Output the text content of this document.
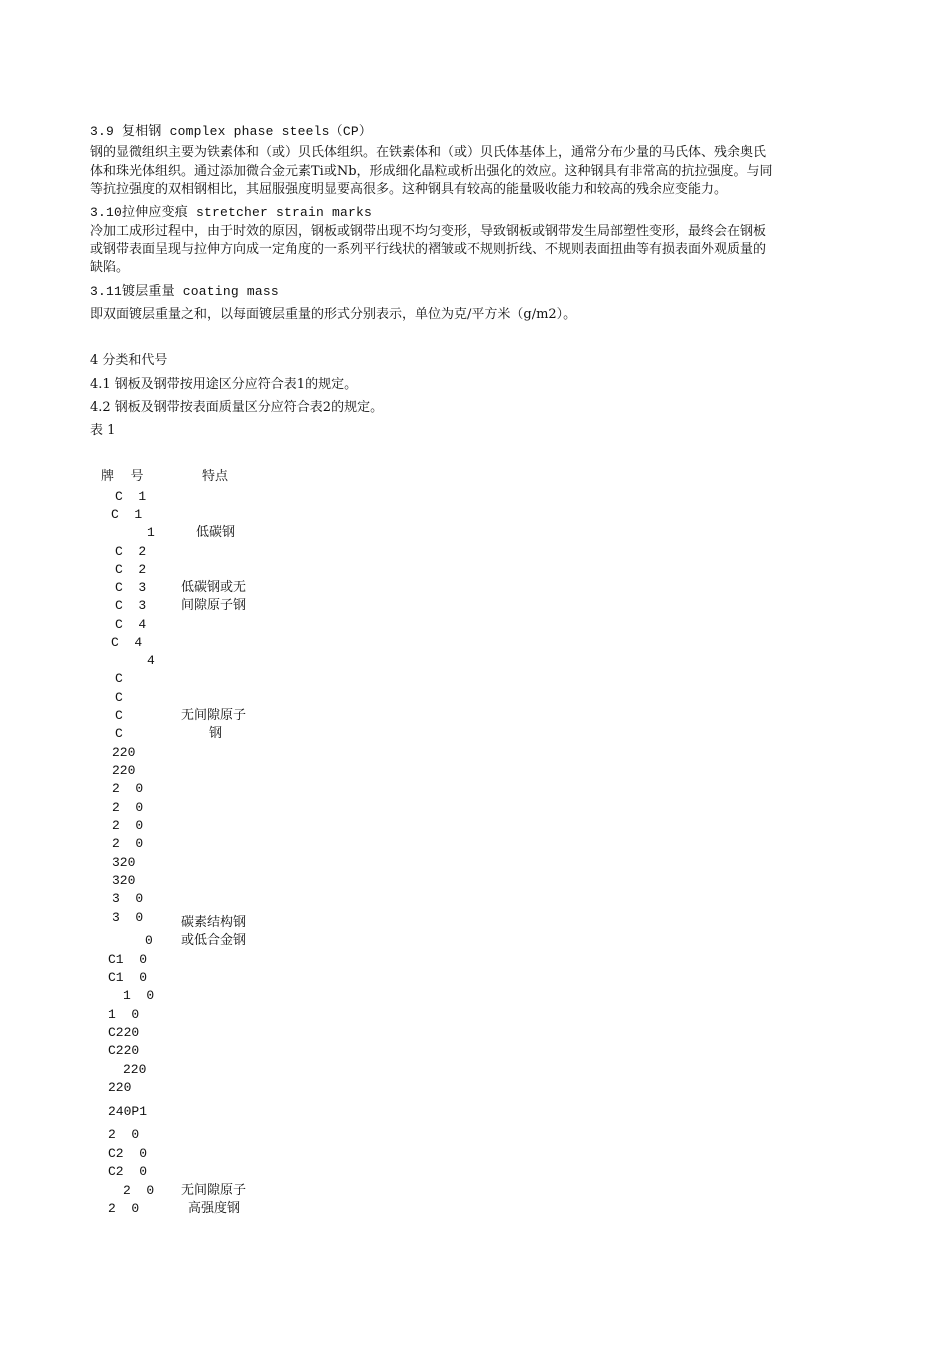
3.9 复相钢 complex phase steels（CP）
钢的显微组织主要为铁素体和（或）贝氏体组织。在铁素体和（或）贝氏体基体上，通常分布少量的马氏体、残余奥氏
体和珠光体组织。通过添加微合金元素Ti或Nb，形成细化晶粒或析出强化的效应。这种钢具有非常高的抗拉强度。与同
等抗拉强度的双相钢相比，其屈服强度明显要高很多。这种钢具有较高的能量吸收能力和较高的残余应变能力。
3.10拉伸应变痕 stretcher strain marks
冷加工成形过程中，由于时效的原因，钢板或钢带出现不均匀变形，导致钢板或钢带发生局部塑性变形，最终会在钢板
或钢带表面呈现与拉伸方向成一定角度的一系列平行线状的褶皱或不规则折线、不规则表面扭曲等有损表面外观质量的
缺陷。
3.11镀层重量 coating mass
即双面镀层重量之和，以每面镀层重量的形式分别表示，单位为克/平方米（g/m2）。
4 分类和代号
4.1 钢板及钢带按用途区分应符合表1的规定。
4.2 钢板及钢带按表面质量区分应符合表2的规定。
表 1
牌    号	特点
C  1
C  1
1
C  2
C  2
C  3
C  3
C  4
C  4
4
C
C
C
C
220
220
2  0
2  0
2  0
2  0
320
320
3  0
3  0
0
C1  0
C1  0
1  0
1  0
C220
C220
220
220
240P1
2  0
C2  0
C2  0
2  0
2  0
低碳钢
低碳钢或无
间隙原子钢
无间隙原子
钢
碳素结构钢
或低合金钢
无间隙原子
高强度钢
